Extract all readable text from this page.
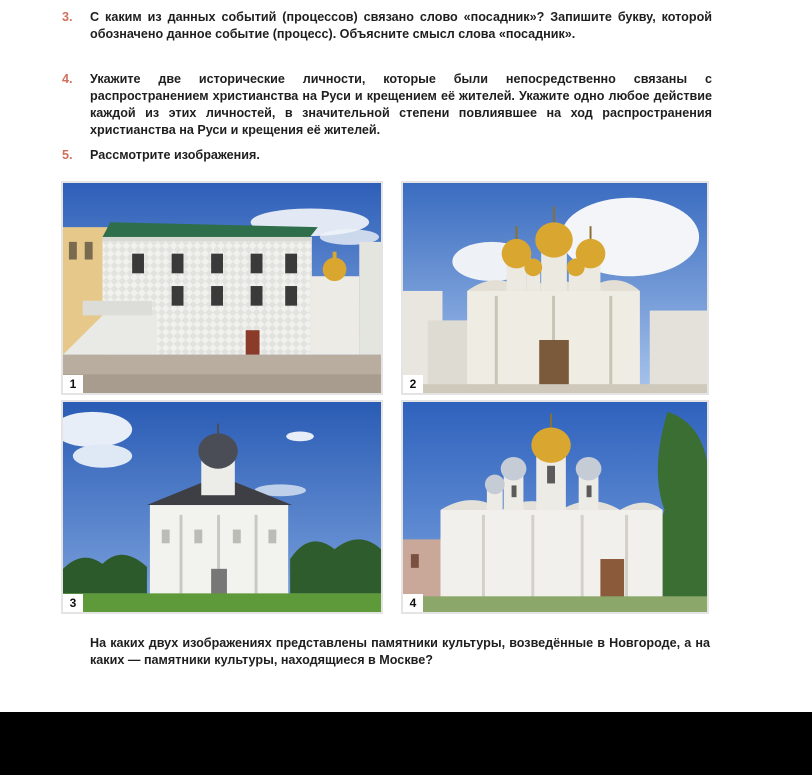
3. С каким из данных событий (процессов) связано слово «посадник»? Запишите букву, которой обозначено данное событие (процесс). Объясните смысл слова «посадник».
4. Укажите две исторические личности, которые были непосредственно связаны с распространением христианства на Руси и крещением её жителей. Укажите одно любое действие каждой из этих личностей, в значительной степени повлиявшее на ход распространения христианства на Руси и крещения её жителей.
5. Рассмотрите изображения.
1	2
3	4
На каких двух изображениях представлены памятники культуры, возведённые в Новгороде, а на каких — памятники культуры, находящиеся в Москве?
